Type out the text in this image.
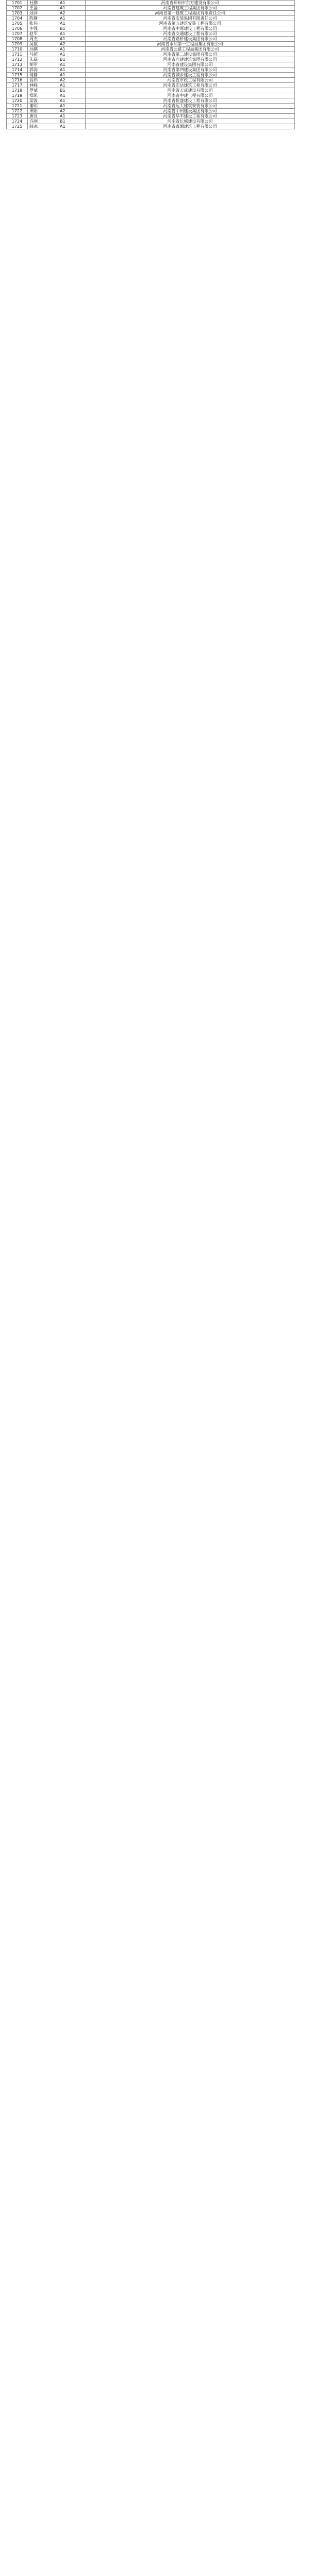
1701	杜鹏	A1	河南省郑州市东方建设有限公司
1702	王磊	A1	河南省建筑工程集团有限公司
1703	刘洋	A2	河南省第一建筑工程集团有限责任公司
1704	陈静	A1	河南省安装集团有限责任公司
1705	张伟	A1	河南省第五建筑安装工程有限公司
1706	李强	B1	河南省中原建设工程有限公司
1707	赵军	A1	河南省交通建设工程有限公司
1708	周杰	A1	河南省路桥建设集团有限公司
1709	吴敏	A2	河南省水利第一工程局集团有限公司
1710	孙鹏	A1	河南省公路工程局集团有限公司
1711	马超	A1	河南省第二建设集团有限公司
1712	朱磊	B1	河南省六建建筑集团有限公司
1713	胡军	A1	河南省建设集团有限公司
1714	郭涛	A1	河南省第四建设集团有限公司
1715	何静	A1	河南省城乡建设工程有限公司
1716	高伟	A2	河南省市政工程有限公司
1717	林峰	A1	河南省宏达建筑工程有限公司
1718	罗斌	B1	河南省天成建设有限公司
1719	郑凯	A1	河南省中建工程有限公司
1720	梁波	A1	河南省恒盛建设工程有限公司
1721	谢明	A1	河南省远大建筑安装有限公司
1722	宋阳	A2	河南省中州建设集团有限公司
1723	唐亮	A1	河南省华丰建设工程有限公司
1724	许刚	B1	河南省长城建设有限公司
1725	韩冰	A1	河南省鑫源建筑工程有限公司
